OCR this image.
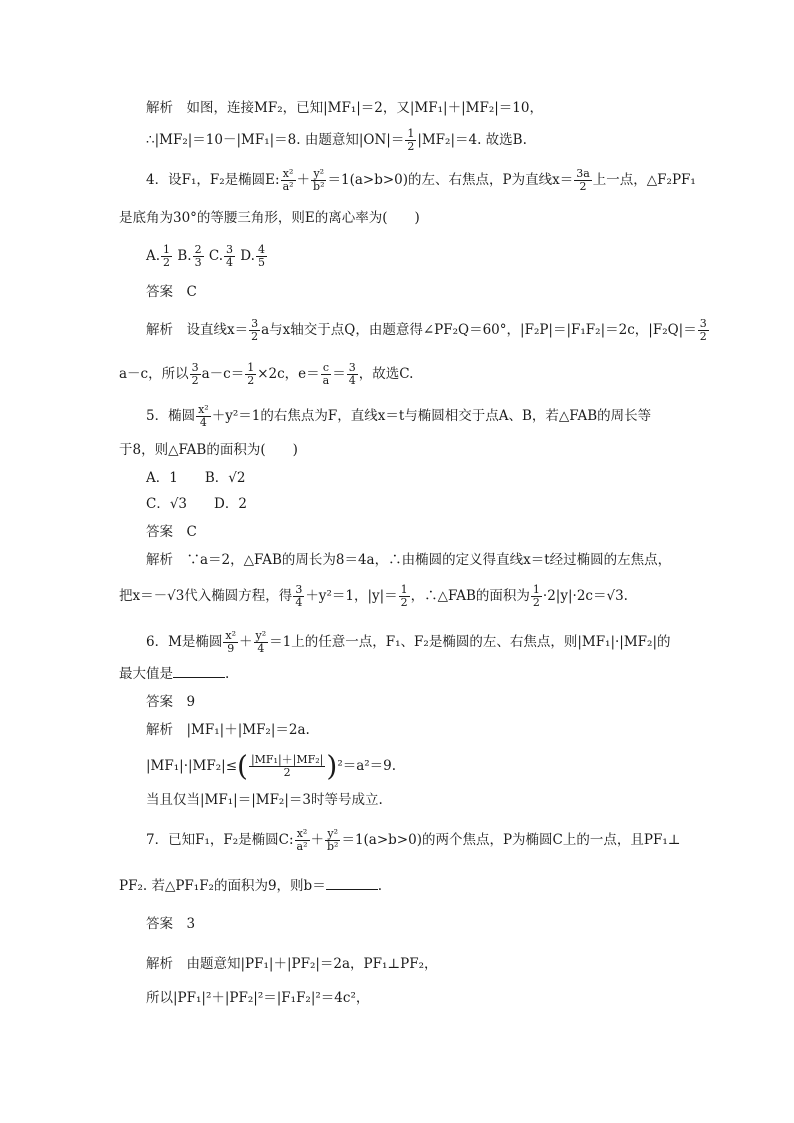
解析　如图，连接MF₂，已知|MF₁|＝2，又|MF₁|＋|MF₂|＝10，
∴|MF₂|＝10－|MF₁|＝8. 由题意知$|ON|= \frac{1}{2} |MF_2|=4$. 故选B.
4．设F₁，F₂是椭圆E: $\frac{\text{x²}}{\text{a²}} + \frac{\text{y²}}{\text{b²}} =1(a>b>0)$的左、右焦点，P为直线$x= \frac{3a}{2}$ 上一点，△F₂PF₁
是底角为30°的等腰三角形，则E的离心率为(　　)
A. $\frac{1}{2} B$. $\frac{2}{3} C$. $\frac{3}{4} D$. $\frac{4}{5}$
答案　C
解析　设直线$x= \frac{3}{2}$ a与x轴交于点Q，由题意得∠PF₂Q＝60°，|F₂P|＝|F₁F₂|＝2c，$|F_2Q|= \frac{3}{2}$
a－c，所以 $\frac{3}{2} a-c= \frac{1}{2} \times 2c$，$e= \frac{c}{a} = \frac{3}{4}$ ，故选C.
5．椭圆 $\frac{\text{x²}}{4} +y^2=1$的右焦点为F，直线x＝t与椭圆相交于点A、B，若△FAB的周长等
于8，则△FAB的面积为(　　)
A．1　　B．√2
C．√3　　D．2
答案　C
解析　∵a＝2，△FAB的周长为8＝4a，∴由椭圆的定义得直线x＝t经过椭圆的左焦点，
把x＝－√3代入椭圆方程，得 $\frac{3}{4} +y^2=1$，$|y|= \frac{1}{2}$ ，∴△FAB的面积为 $\frac{1}{2} \cdot 2|y|\cdot 2c=√3$.
6．M是椭圆 $\frac{\text{x²}}{9} + \frac{\text{y²}}{4} =1$上的任意一点，F₁、F₂是椭圆的左、右焦点，则|MF₁|·|MF₂|的
最大值是	.
答案　9
解析　|MF₁|＋|MF₂|＝2a.
$|MF_1|\cdot|MF_2|\le( \frac{\text{|MF₁|＋|MF₂|}}{2} )^2=a^2=9$.
当且仅当|MF₁|＝|MF₂|＝3时等号成立.
7．已知F₁，F₂是椭圆C: $\frac{\text{x²}}{\text{a²}} + \frac{\text{y²}}{\text{b²}} =1(a>b>0)$的两个焦点，P为椭圆C上的一点，且PF₁⊥
PF₂. 若△PF₁F₂的面积为9，则b＝	.
答案　3
解析　由题意知|PF₁|＋|PF₂|＝2a，PF₁⊥PF₂，
所以|PF₁|²＋|PF₂|²＝|F₁F₂|²＝4c²，
